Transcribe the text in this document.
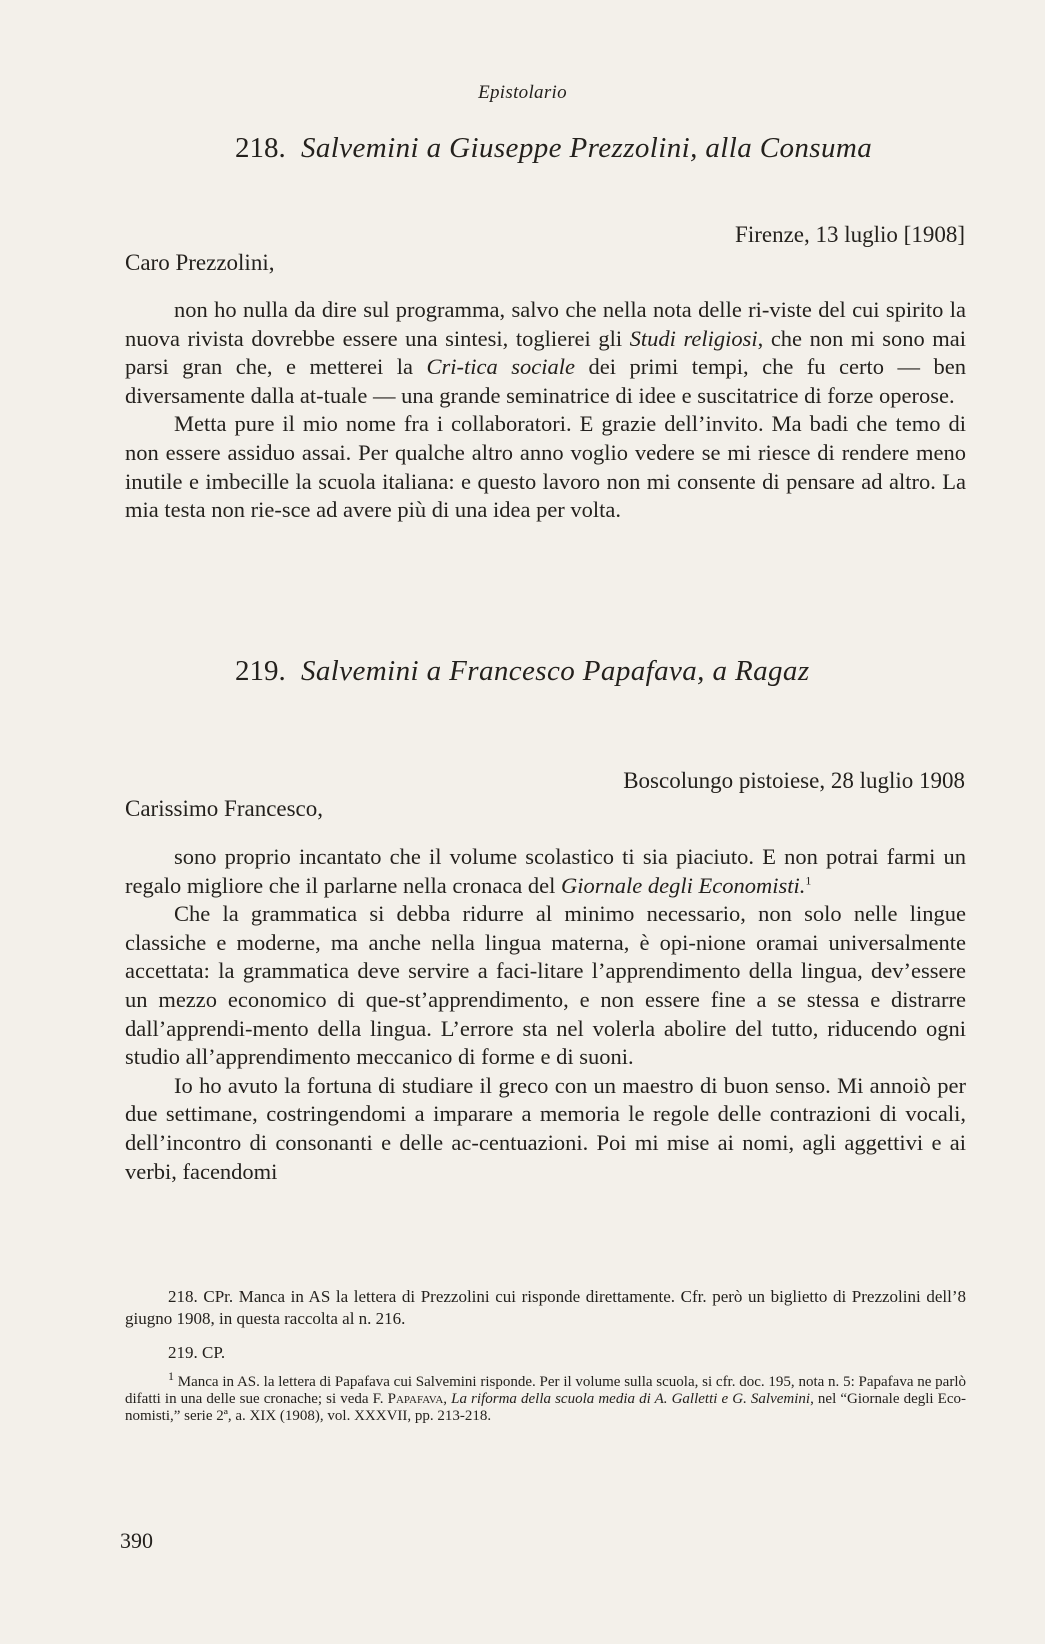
Epistolario
218. Salvemini a Giuseppe Prezzolini, alla Consuma
Firenze, 13 luglio [1908]
Caro Prezzolini,

non ho nulla da dire sul programma, salvo che nella nota delle ri-viste del cui spirito la nuova rivista dovrebbe essere una sintesi, toglierei gli Studi religiosi, che non mi sono mai parsi gran che, e metterei la Cri-tica sociale dei primi tempi, che fu certo — ben diversamente dalla at-tuale — una grande seminatrice di idee e suscitatrice di forze operose.

Metta pure il mio nome fra i collaboratori. E grazie dell’invito. Ma badi che temo di non essere assiduo assai. Per qualche altro anno voglio vedere se mi riesce di rendere meno inutile e imbecille la scuola italiana: e questo lavoro non mi consente di pensare ad altro. La mia testa non rie-sce ad avere più di una idea per volta.

219. Salvemini a Francesco Papafava, a Ragaz
Boscolungo pistoiese, 28 luglio 1908
Carissimo Francesco,

sono proprio incantato che il volume scolastico ti sia piaciuto. E non potrai farmi un regalo migliore che il parlarne nella cronaca del Giornale degli Economisti.$^1$

Che la grammatica si debba ridurre al minimo necessario, non solo nelle lingue classiche e moderne, ma anche nella lingua materna, è opi-nione oramai universalmente accettata: la grammatica deve servire a faci-litare l’apprendimento della lingua, dev’essere un mezzo economico di que-st’apprendimento, e non essere fine a se stessa e distrarre dall’apprendi-mento della lingua. L’errore sta nel volerla abolire del tutto, riducendo ogni studio all’apprendimento meccanico di forme e di suoni.

Io ho avuto la fortuna di studiare il greco con un maestro di buon senso. Mi annoiò per due settimane, costringendomi a imparare a memoria le regole delle contrazioni di vocali, dell’incontro di consonanti e delle ac-centuazioni. Poi mi mise ai nomi, agli aggettivi e ai verbi, facendomi

218. CPr. Manca in AS la lettera di Prezzolini cui risponde direttamente. Cfr. però un biglietto di Prezzolini dell’8 giugno 1908, in questa raccolta al n. 216.

219. CP.

$^1$ Manca in AS. la lettera di Papafava cui Salvemini risponde. Per il volume sulla scuola, si cfr. doc. 195, nota n. 5: Papafava ne parlò difatti in una delle sue cronache; si veda F. Papafava, La riforma della scuola media di A. Galletti e G. Salvemini, nel “Giornale degli Eco-nomisti,” serie 2ª, a. XIX (1908), vol. XXXVII, pp. 213-218.

390
